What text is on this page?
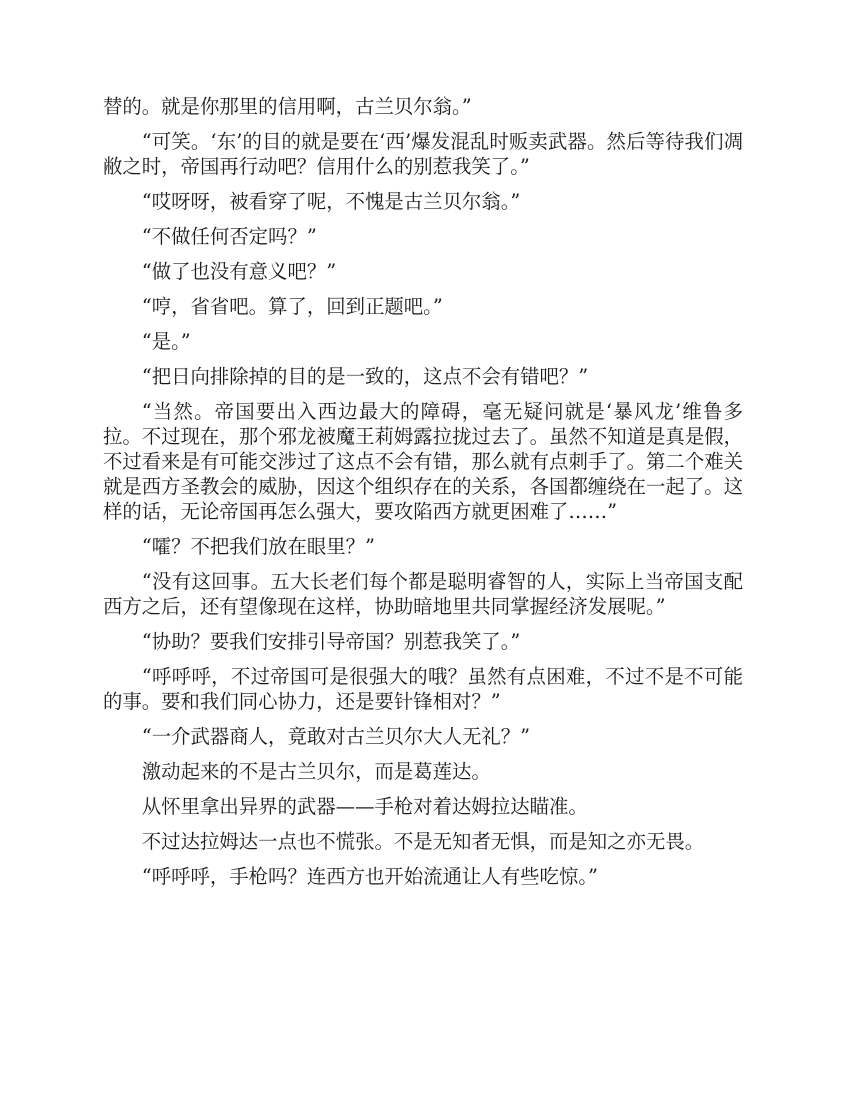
替的。就是你那里的信用啊，古兰贝尔翁。”

“可笑。‘东’的目的就是要在‘西’爆发混乱时贩卖武器。然后等待我们凋敝之时，帝国再行动吧？信用什么的别惹我笑了。”

“哎呀呀，被看穿了呢，不愧是古兰贝尔翁。”

“不做任何否定吗？”

“做了也没有意义吧？”

“哼，省省吧。算了，回到正题吧。”

“是。”

“把日向排除掉的目的是一致的，这点不会有错吧？”

“当然。帝国要出入西边最大的障碍，毫无疑问就是‘暴风龙’维鲁多拉。不过现在，那个邪龙被魔王莉姆露拉拢过去了。虽然不知道是真是假，不过看来是有可能交涉过了这点不会有错，那么就有点刺手了。第二个难关就是西方圣教会的威胁，因这个组织存在的关系，各国都缠绕在一起了。这样的话，无论帝国再怎么强大，要攻陷西方就更困难了……”

“嚯？不把我们放在眼里？”

“没有这回事。五大长老们每个都是聪明睿智的人，实际上当帝国支配西方之后，还有望像现在这样，协助暗地里共同掌握经济发展呢。”

“协助？要我们安排引导帝国？别惹我笑了。”

“呼呼呼，不过帝国可是很强大的哦？虽然有点困难，不过不是不可能的事。要和我们同心协力，还是要针锋相对？”

“一介武器商人，竟敢对古兰贝尔大人无礼？”

激动起来的不是古兰贝尔，而是葛莲达。

从怀里拿出异界的武器——手枪对着达姆拉达瞄准。

不过达拉姆达一点也不慌张。不是无知者无惧，而是知之亦无畏。

“呼呼呼，手枪吗？连西方也开始流通让人有些吃惊。”
